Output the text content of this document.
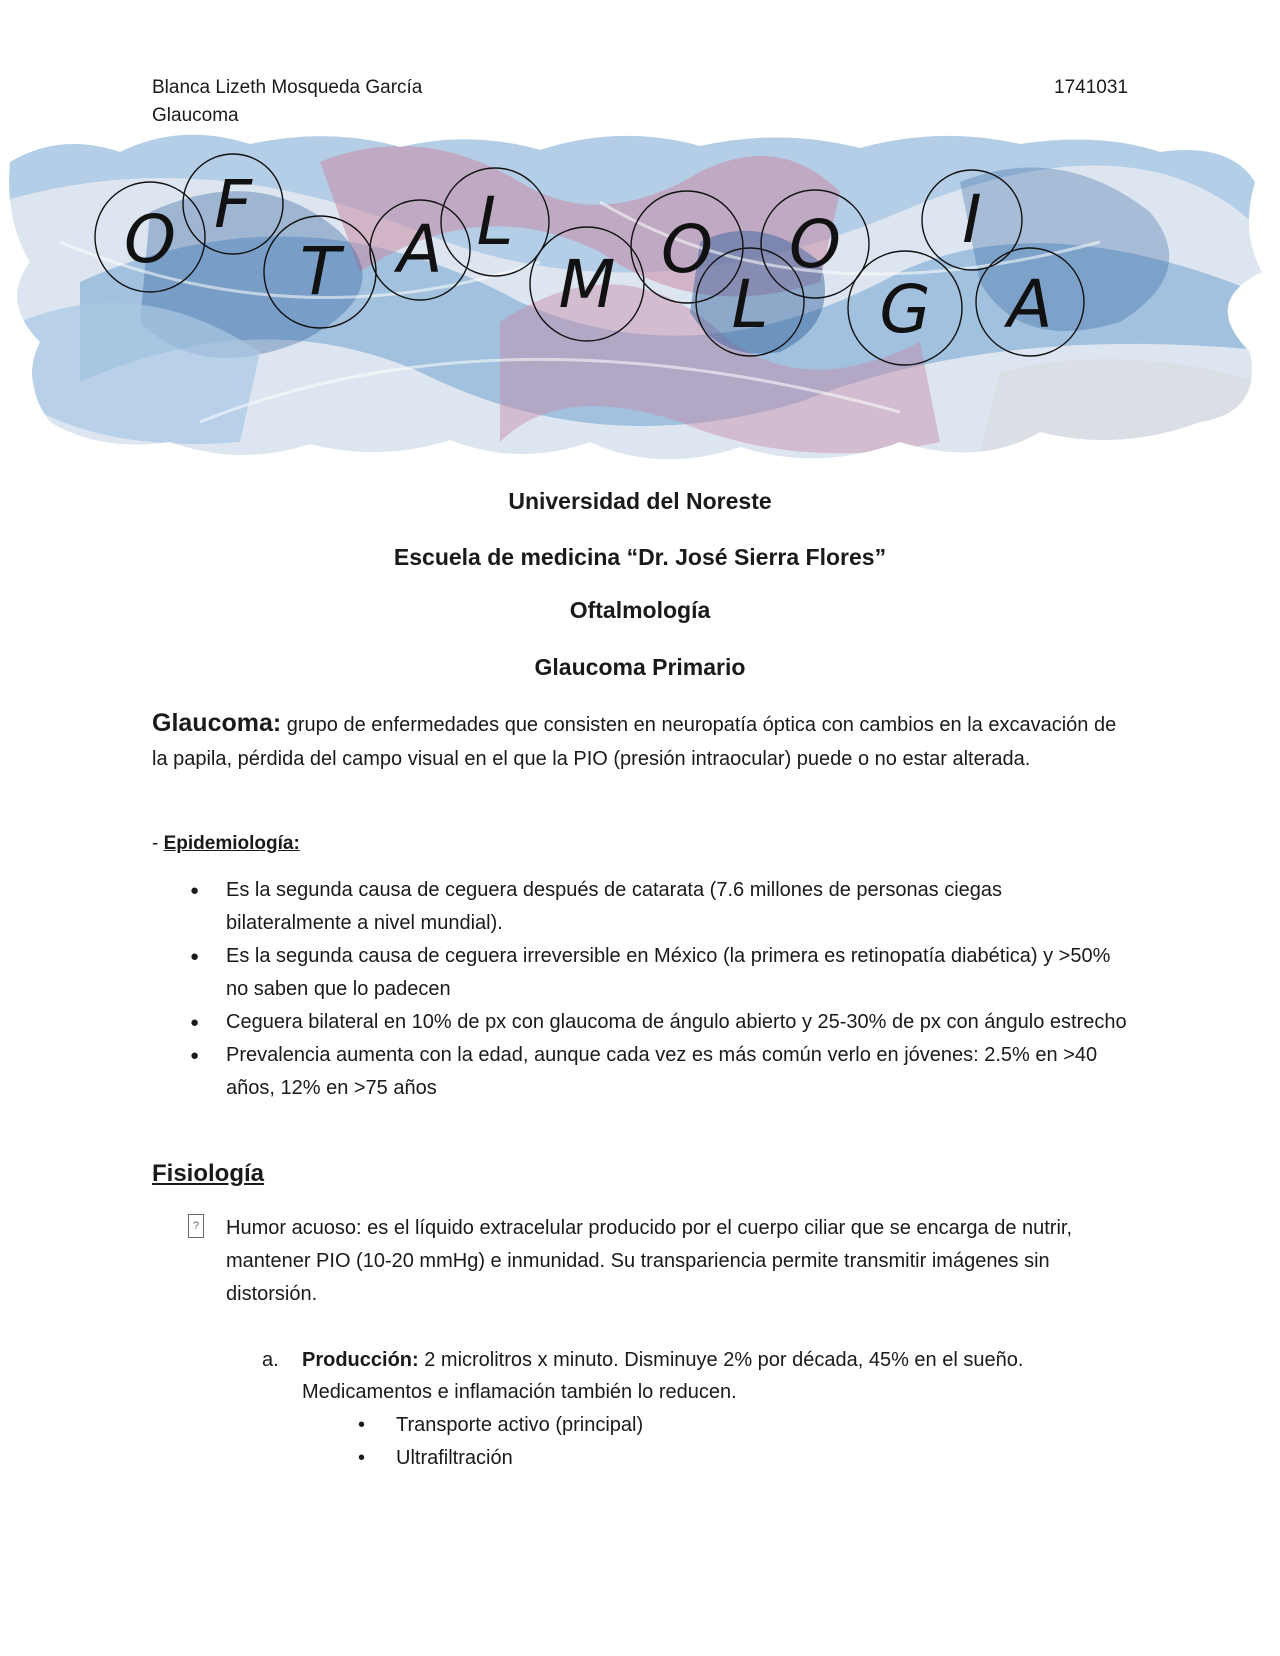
Blanca Lizeth Mosqueda García
Glaucoma
1741031
O F
T A L
M O
L
O
G
I
A
Universidad del Noreste
Escuela de medicina “Dr. José Sierra Flores”
Oftalmología
Glaucoma Primario
Glaucoma: grupo de enfermedades que consisten en neuropatía óptica con cambios en la excavación de la papila, pérdida del campo visual en el que la PIO (presión intraocular) puede o no estar alterada.
- Epidemiología:
● Es la segunda causa de ceguera después de catarata (7.6 millones de personas ciegas bilateralmente a nivel mundial).
● Es la segunda causa de ceguera irreversible en México (la primera es retinopatía diabética) y >50% no saben que lo padecen
● Ceguera bilateral en 10% de px con glaucoma de ángulo abierto y 25-30% de px con ángulo estrecho
● Prevalencia aumenta con la edad, aunque cada vez es más común verlo en jóvenes: 2.5% en >40 años, 12% en >75 años
Fisiología
? Humor acuoso: es el líquido extracelular producido por el cuerpo ciliar que se encarga de nutrir, mantener PIO (10-20 mmHg) e inmunidad. Su transpariencia permite transmitir imágenes sin distorsión.
a. Producción: 2 microlitros x minuto. Disminuye 2% por década, 45% en el sueño. Medicamentos e inflamación también lo reducen.
• Transporte activo (principal)
• Ultrafiltración
